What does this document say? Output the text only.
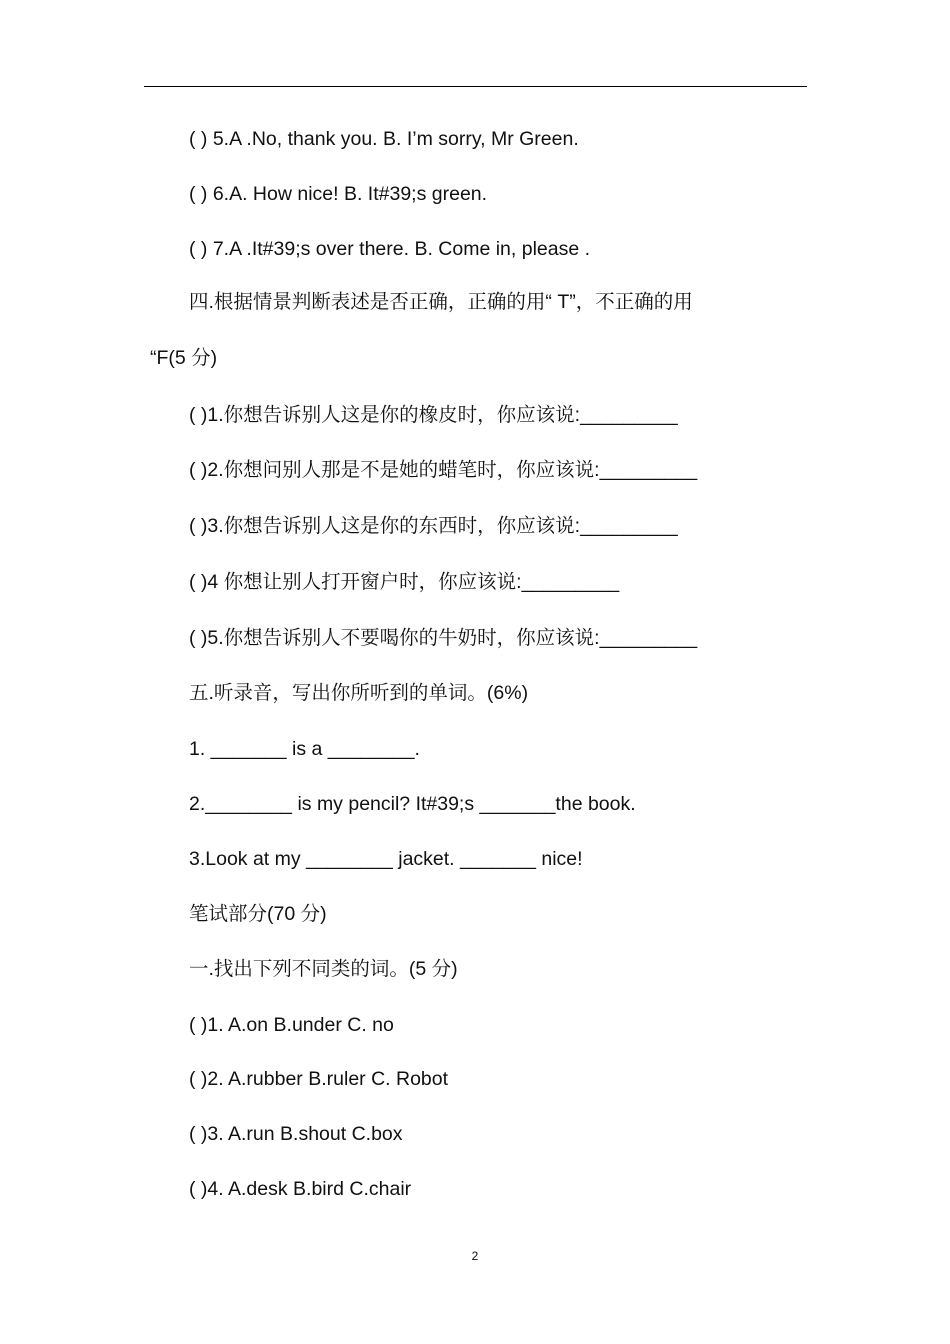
( ) 5.A .No, thank you. B. I’m sorry, Mr Green.
( ) 6.A. How nice! B. It#39;s green.
( ) 7.A .It#39;s over there. B. Come in, please .
四.根据情景判断表述是否正确，正确的用“ T”，不正确的用
“F(5 分)
( )1.你想告诉别人这是你的橡皮时，你应该说:_________
( )2.你想问别人那是不是她的蜡笔时，你应该说:_________
( )3.你想告诉别人这是你的东西时，你应该说:_________
( )4 你想让别人打开窗户时，你应该说:_________
( )5.你想告诉别人不要喝你的牛奶时，你应该说:_________
五.听录音，写出你所听到的单词。(6%)
1. _______ is a ________.
2.________ is my pencil? It#39;s _______the book.
3.Look at my ________ jacket. _______ nice!
笔试部分(70 分)
一.找出下列不同类的词。(5 分)
( )1. A.on B.under C. no
( )2. A.rubber B.ruler C. Robot
( )3. A.run B.shout C.box
( )4. A.desk B.bird C.chair
2
